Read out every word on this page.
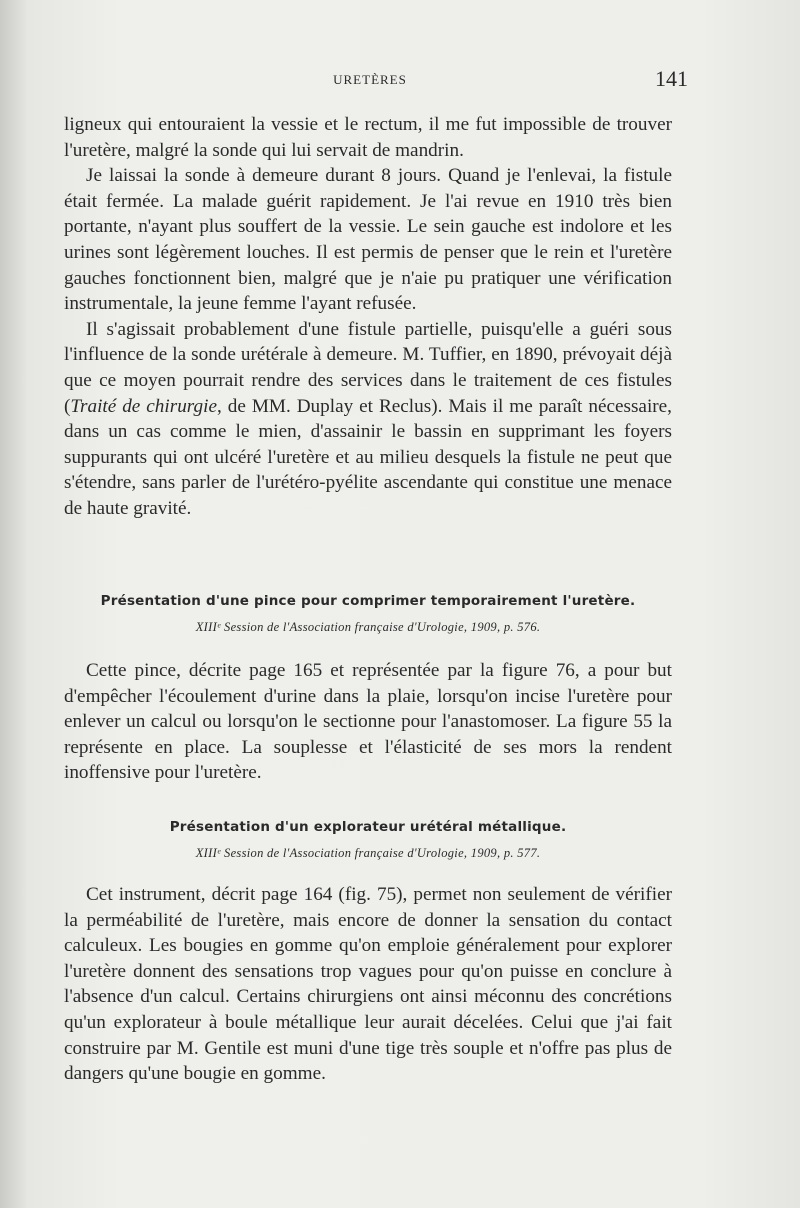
URETÈRES	141

ligneux qui entouraient la vessie et le rectum, il me fut impossible de trouver l'uretère, malgré la sonde qui lui servait de mandrin.

Je laissai la sonde à demeure durant 8 jours. Quand je l'enlevai, la fistule était fermée. La malade guérit rapidement. Je l'ai revue en 1910 très bien portante, n'ayant plus souffert de la vessie. Le sein gauche est indolore et les urines sont légèrement louches. Il est permis de penser que le rein et l'uretère gauches fonctionnent bien, malgré que je n'aie pu pratiquer une vérification instrumentale, la jeune femme l'ayant refusée.

Il s'agissait probablement d'une fistule partielle, puisqu'elle a guéri sous l'influence de la sonde urétérale à demeure. M. Tuffier, en 1890, prévoyait déjà que ce moyen pourrait rendre des services dans le traitement de ces fistules (Traité de chirurgie, de MM. Duplay et Reclus). Mais il me paraît nécessaire, dans un cas comme le mien, d'assainir le bassin en supprimant les foyers suppurants qui ont ulcéré l'uretère et au milieu desquels la fistule ne peut que s'étendre, sans parler de l'urétéro-pyélite ascendante qui constitue une menace de haute gravité.

Présentation d'une pince pour comprimer temporairement l'uretère.
XIIIᵉ Session de l'Association française d'Urologie, 1909, p. 576.

Cette pince, décrite page 165 et représentée par la figure 76, a pour but d'empêcher l'écoulement d'urine dans la plaie, lorsqu'on incise l'uretère pour enlever un calcul ou lorsqu'on le sectionne pour l'anastomoser. La figure 55 la représente en place. La souplesse et l'élasticité de ses mors la rendent inoffensive pour l'uretère.

Présentation d'un explorateur urétéral métallique.
XIIIᵉ Session de l'Association française d'Urologie, 1909, p. 577.

Cet instrument, décrit page 164 (fig. 75), permet non seulement de vérifier la perméabilité de l'uretère, mais encore de donner la sensation du contact calculeux. Les bougies en gomme qu'on emploie généralement pour explorer l'uretère donnent des sensations trop vagues pour qu'on puisse en conclure à l'absence d'un calcul. Certains chirurgiens ont ainsi méconnu des concrétions qu'un explorateur à boule métallique leur aurait décelées. Celui que j'ai fait construire par M. Gentile est muni d'une tige très souple et n'offre pas plus de dangers qu'une bougie en gomme.
